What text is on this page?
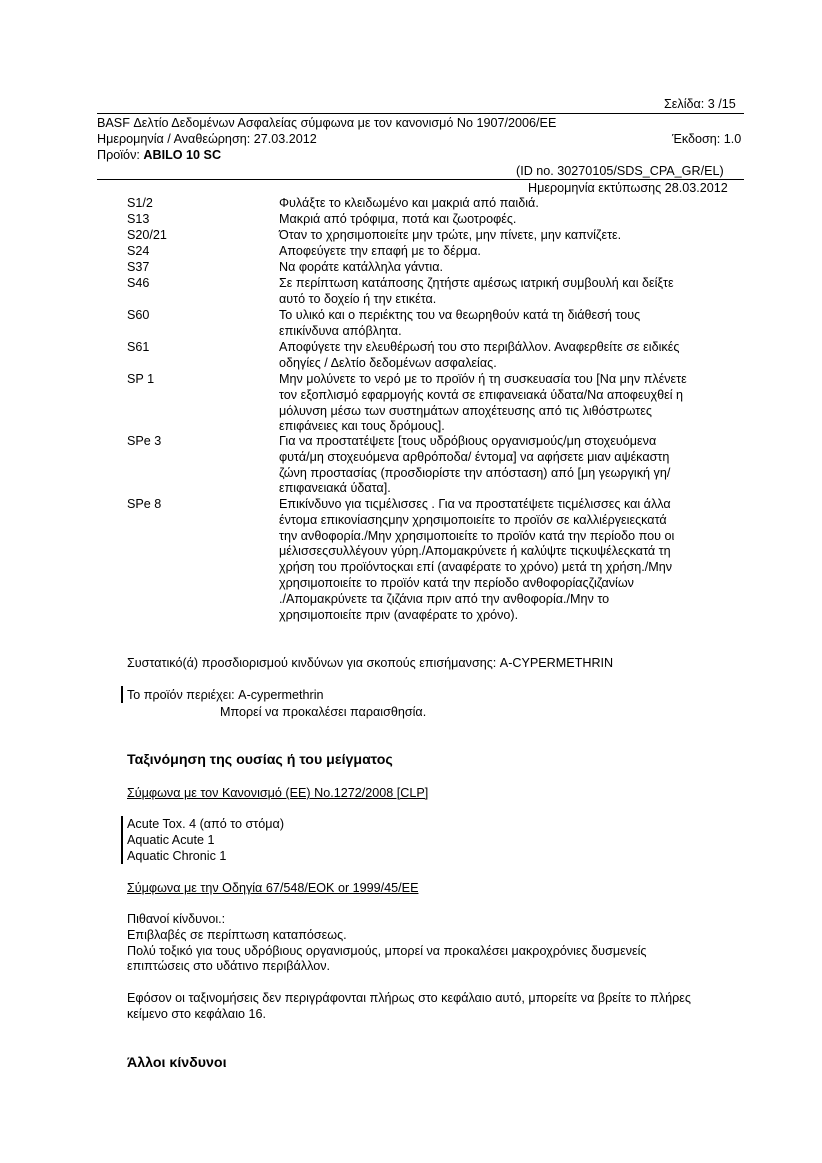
Σελίδα: 3 /15
BASF Δελτίο Δεδομένων Ασφαλείας σύμφωνα με τον κανονισμό Νο 1907/2006/ΕΕ
Ημερομηνία / Αναθεώρηση: 27.03.2012	Έκδοση: 1.0
Προϊόν: ABILO 10 SC
(ID no. 30270105/SDS_CPA_GR/EL)
Ημερομηνία εκτύπωσης 28.03.2012
S1/2	Φυλάξτε το κλειδωμένο και μακριά από παιδιά.
S13	Μακριά από τρόφιμα, ποτά και ζωοτροφές.
S20/21	Όταν το χρησιμοποιείτε μην τρώτε, μην πίνετε, μην καπνίζετε.
S24	Αποφεύγετε την επαφή με το δέρμα.
S37	Να φοράτε κατάλληλα γάντια.
S46	Σε περίπτωση κατάποσης ζητήστε αμέσως ιατρική συμβουλή και δείξτε
αυτό το δοχείο ή την ετικέτα.
S60	Το υλικό και ο περιέκτης του να θεωρηθούν κατά τη διάθεσή τους
επικίνδυνα απόβλητα.
S61	Αποφύγετε την ελευθέρωσή του στο περιβάλλον. Αναφερθείτε σε ειδικές
οδηγίες / Δελτίο δεδομένων ασφαλείας.
SP 1	Μην μολύνετε το νερό με το προϊόν ή τη συσκευασία του [Να μην πλένετε
τον εξοπλισμό εφαρμογής κοντά σε επιφανειακά ύδατα/Να αποφευχθεί η
μόλυνση μέσω των συστημάτων αποχέτευσης από τις λιθόστρωτες
επιφάνειες και τους δρόμους].
SPe 3	Για να προστατέψετε [τους υδρόβιους οργανισμούς/μη στοχευόμενα
φυτά/μη στοχευόμενα αρθρόποδα/ έντομα] να αφήσετε μιαν αψέκαστη
ζώνη προστασίας (προσδιορίστε την απόσταση) από [μη γεωργική γη/
επιφανειακά ύδατα].
SPe 8	Επικίνδυνο για τιςμέλισσες . Για να προστατέψετε τιςμέλισσες και άλλα
έντομα επικονίασηςμην χρησιμοποιείτε το προϊόν σε καλλιέργειεςκατά
την ανθοφορία./Μην χρησιμοποιείτε το προϊόν κατά την περίοδο που οι
μέλισσεςσυλλέγουν γύρη./Απομακρύνετε ή καλύψτε τιςκυψέλεςκατά τη
χρήση του προϊόντοςκαι επί (αναφέρατε το χρόνο) μετά τη χρήση./Μην
χρησιμοποιείτε το προϊόν κατά την περίοδο ανθοφορίαςζιζανίων
./Απομακρύνετε τα ζιζάνια πριν από την ανθοφορία./Μην το
χρησιμοποιείτε πριν (αναφέρατε το χρόνο).
Συστατικό(ά) προσδιορισμού κινδύνων για σκοπούς επισήμανσης: A-CYPERMETHRIN
Το προϊόν περιέχει: A-cypermethrin
Μπορεί να προκαλέσει παραισθησία.
Ταξινόμηση της ουσίας ή του μείγματος
Σύμφωνα με τον Κανονισμό (ΕΕ) No.1272/2008 [CLP]
Acute Tox. 4 (από το στόμα)
Aquatic Acute 1
Aquatic Chronic 1
Σύμφωνα με την Οδηγία 67/548/ΕΟΚ or 1999/45/ΕΕ
Πιθανοί κίνδυνοι.:
Επιβλαβές σε περίπτωση καταπόσεως.
Πολύ τοξικό για τους υδρόβιους οργανισμούς, μπορεί να προκαλέσει μακροχρόνιες δυσμενείς
επιπτώσεις στο υδάτινο περιβάλλον.
Εφόσον οι ταξινομήσεις δεν περιγράφονται πλήρως στο κεφάλαιο αυτό, μπορείτε να βρείτε το πλήρες
κείμενο στο κεφάλαιο 16.
Άλλοι κίνδυνοι
